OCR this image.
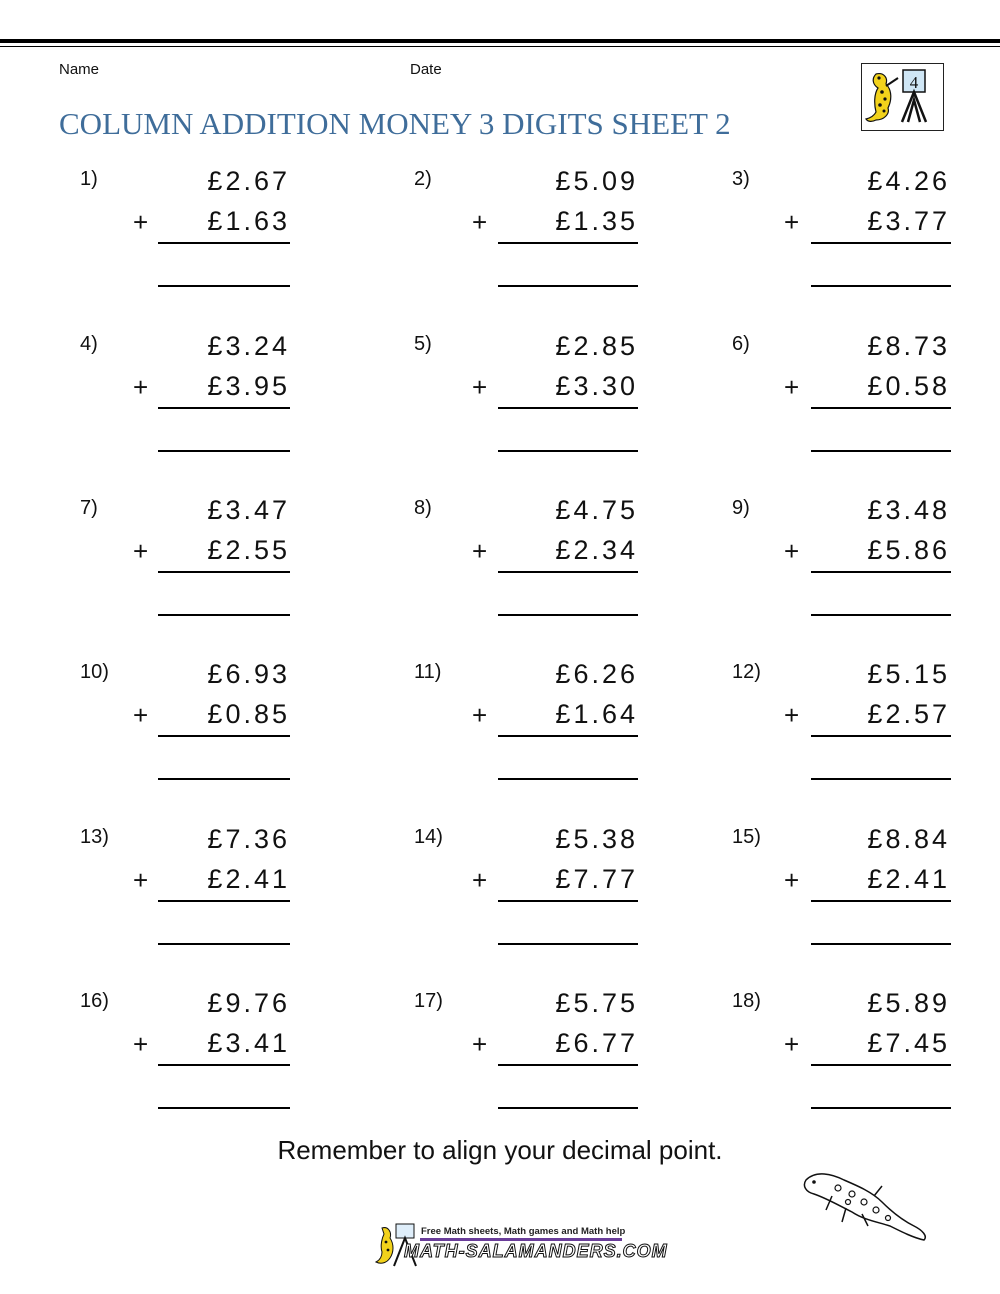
Name	Date
COLUMN ADDITION MONEY 3 DIGITS SHEET 2
4
1)	£2.67
+ £1.63
2)	£5.09
+	£1.35
3)	£4.26
+	£3.77
4)	£3.24
+ £3.95
5)	£2.85
+	£3.30
6)	£8.73
+	£0.58
7)	£3.47
+ £2.55
8)	£4.75
+	£2.34
9)	£3.48
+	£5.86
10)	£6.93
+ £0.85
11)	£6.26
+	£1.64
12)	£5.15
+	£2.57
13)	£7.36
+ £2.41
14)	£5.38
+	£7.77
15)	£8.84
+	£2.41
16)	£9.76
+ £3.41
17)	£5.75
+	£6.77
18)	£5.89
+	£7.45
Remember to align your decimal point.
Free Math sheets, Math games and Math help
MATH-SALAMANDERS.COM
